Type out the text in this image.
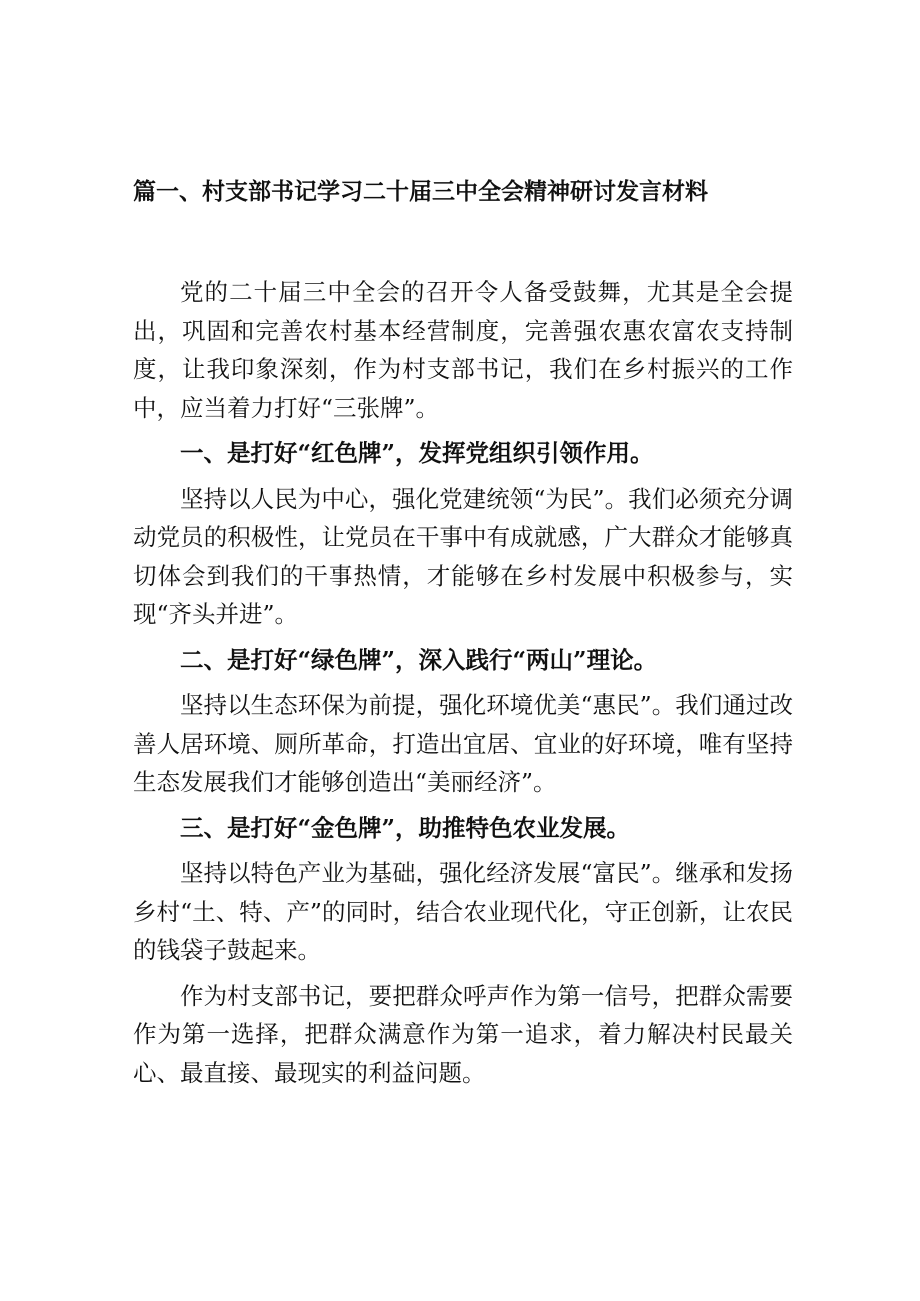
篇一、村支部书记学习二十届三中全会精神研讨发言材料

党的二十届三中全会的召开令人备受鼓舞，尤其是全会提出，巩固和完善农村基本经营制度，完善强农惠农富农支持制度，让我印象深刻，作为村支部书记，我们在乡村振兴的工作中，应当着力打好“三张牌”。

一、是打好“红色牌”，发挥党组织引领作用。

坚持以人民为中心，强化党建统领“为民”。我们必须充分调动党员的积极性，让党员在干事中有成就感，广大群众才能够真切体会到我们的干事热情，才能够在乡村发展中积极参与，实现“齐头并进”。

二、是打好“绿色牌”，深入践行“两山”理论。

坚持以生态环保为前提，强化环境优美“惠民”。我们通过改善人居环境、厕所革命，打造出宜居、宜业的好环境，唯有坚持生态发展我们才能够创造出“美丽经济”。

三、是打好“金色牌”，助推特色农业发展。

坚持以特色产业为基础，强化经济发展“富民”。继承和发扬乡村“土、特、产”的同时，结合农业现代化，守正创新，让农民的钱袋子鼓起来。

作为村支部书记，要把群众呼声作为第一信号，把群众需要作为第一选择，把群众满意作为第一追求，着力解决村民最关心、最直接、最现实的利益问题。
